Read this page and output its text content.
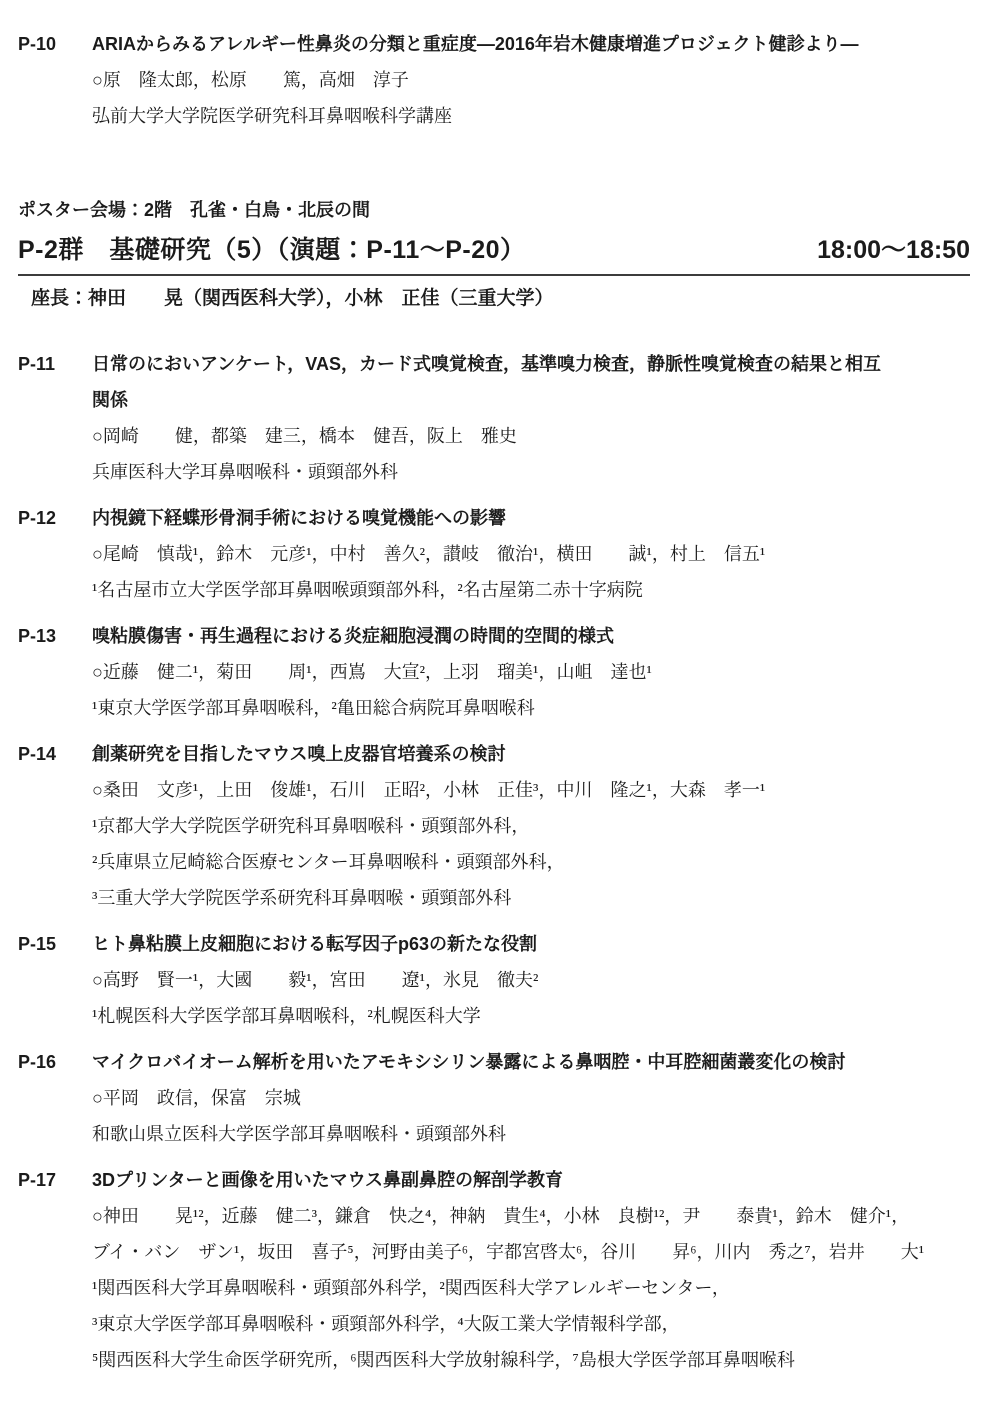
P-10	ARIAからみるアレルギー性鼻炎の分類と重症度―2016年岩木健康増進プロジェクト健診より―
○原　隆太郎，松原　　篤，高畑　淳子
弘前大学大学院医学研究科耳鼻咽喉科学講座
ポスター会場：2階　孔雀・白鳥・北辰の間
P-2群　基礎研究（5）（演題：P-11～P-20）	18:00～18:50
座長：神田　　晃（関西医科大学），小林　正佳（三重大学）
P-11	日常のにおいアンケート，VAS，カード式嗅覚検査，基準嗅力検査，静脈性嗅覚検査の結果と相互
関係
○岡崎　　健，都築　建三，橋本　健吾，阪上　雅史
兵庫医科大学耳鼻咽喉科・頭頸部外科
P-12	内視鏡下経蝶形骨洞手術における嗅覚機能への影響
○尾崎　慎哉¹，鈴木　元彦¹，中村　善久²，讃岐　徹治¹，横田　　誠¹，村上　信五¹
¹名古屋市立大学医学部耳鼻咽喉頭頸部外科，²名古屋第二赤十字病院
P-13	嗅粘膜傷害・再生過程における炎症細胞浸潤の時間的空間的様式
○近藤　健二¹，菊田　　周¹，西嶌　大宣²，上羽　瑠美¹，山岨　達也¹
¹東京大学医学部耳鼻咽喉科，²亀田総合病院耳鼻咽喉科
P-14	創薬研究を目指したマウス嗅上皮器官培養系の検討
○桑田　文彦¹，上田　俊雄¹，石川　正昭²，小林　正佳³，中川　隆之¹，大森　孝一¹
¹京都大学大学院医学研究科耳鼻咽喉科・頭頸部外科，
²兵庫県立尼崎総合医療センター耳鼻咽喉科・頭頸部外科，
³三重大学大学院医学系研究科耳鼻咽喉・頭頸部外科
P-15	ヒト鼻粘膜上皮細胞における転写因子p63の新たな役割
○高野　賢一¹，大國　　毅¹，宮田　　遼¹，氷見　徹夫²
¹札幌医科大学医学部耳鼻咽喉科，²札幌医科大学
P-16	マイクロバイオーム解析を用いたアモキシシリン暴露による鼻咽腔・中耳腔細菌叢変化の検討
○平岡　政信，保富　宗城
和歌山県立医科大学医学部耳鼻咽喉科・頭頸部外科
P-17	3Dプリンターと画像を用いたマウス鼻副鼻腔の解剖学教育
○神田　　晃¹²，近藤　健二³，鎌倉　快之⁴，神納　貴生⁴，小林　良樹¹²，尹　　泰貴¹，鈴木　健介¹，
ブイ・バン　ザン¹，坂田　喜子⁵，河野由美子⁶，宇都宮啓太⁶，谷川　　昇⁶，川内　秀之⁷，岩井　　大¹
¹関西医科大学耳鼻咽喉科・頭頸部外科学，²関西医科大学アレルギーセンター，
³東京大学医学部耳鼻咽喉科・頭頸部外科学，⁴大阪工業大学情報科学部，
⁵関西医科大学生命医学研究所，⁶関西医科大学放射線科学，⁷島根大学医学部耳鼻咽喉科
